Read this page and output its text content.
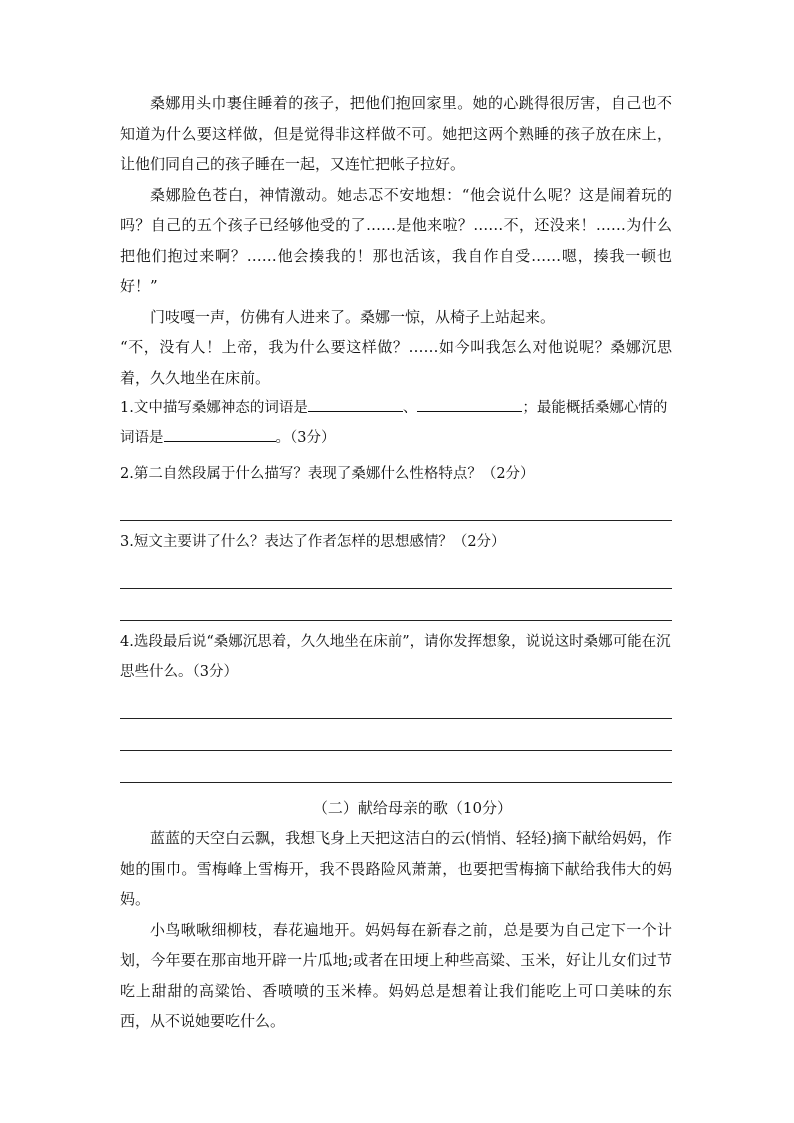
桑娜用头巾裹住睡着的孩子，把他们抱回家里。她的心跳得很厉害，自己也不知道为什么要这样做，但是觉得非这样做不可。她把这两个熟睡的孩子放在床上，让他们同自己的孩子睡在一起，又连忙把帐子拉好。

桑娜脸色苍白，神情激动。她忐忑不安地想：“他会说什么呢？这是闹着玩的吗？自己的五个孩子已经够他受的了……是他来啦？……不，还没来！……为什么把他们抱过来啊？……他会揍我的！那也活该，我自作自受……嗯，揍我一顿也好！”

门吱嘎一声，仿佛有人进来了。桑娜一惊，从椅子上站起来。

“不，没有人！上帝，我为什么要这样做？……如今叫我怎么对他说呢？桑娜沉思着，久久地坐在床前。

1.文中描写桑娜神态的词语是	、	；最能概括桑娜心情的词语是	。（3分）

2.第二自然段属于什么描写？表现了桑娜什么性格特点？（2分）

3.短文主要讲了什么？表达了作者怎样的思想感情？（2分）

4.选段最后说“桑娜沉思着，久久地坐在床前”，请你发挥想象，说说这时桑娜可能在沉思些什么。（3分）

（二）献给母亲的歌（10分）

蓝蓝的天空白云飘，我想飞身上天把这洁白的云(悄悄、轻轻)摘下献给妈妈，作她的围巾。雪梅峰上雪梅开，我不畏路险风萧萧，也要把雪梅摘下献给我伟大的妈妈。

小鸟啾啾细柳枝，春花遍地开。妈妈每在新春之前，总是要为自己定下一个计划，今年要在那亩地开辟一片瓜地;或者在田埂上种些高粱、玉米，好让儿女们过节吃上甜甜的高粱饴、香喷喷的玉米棒。妈妈总是想着让我们能吃上可口美味的东西，从不说她要吃什么。
